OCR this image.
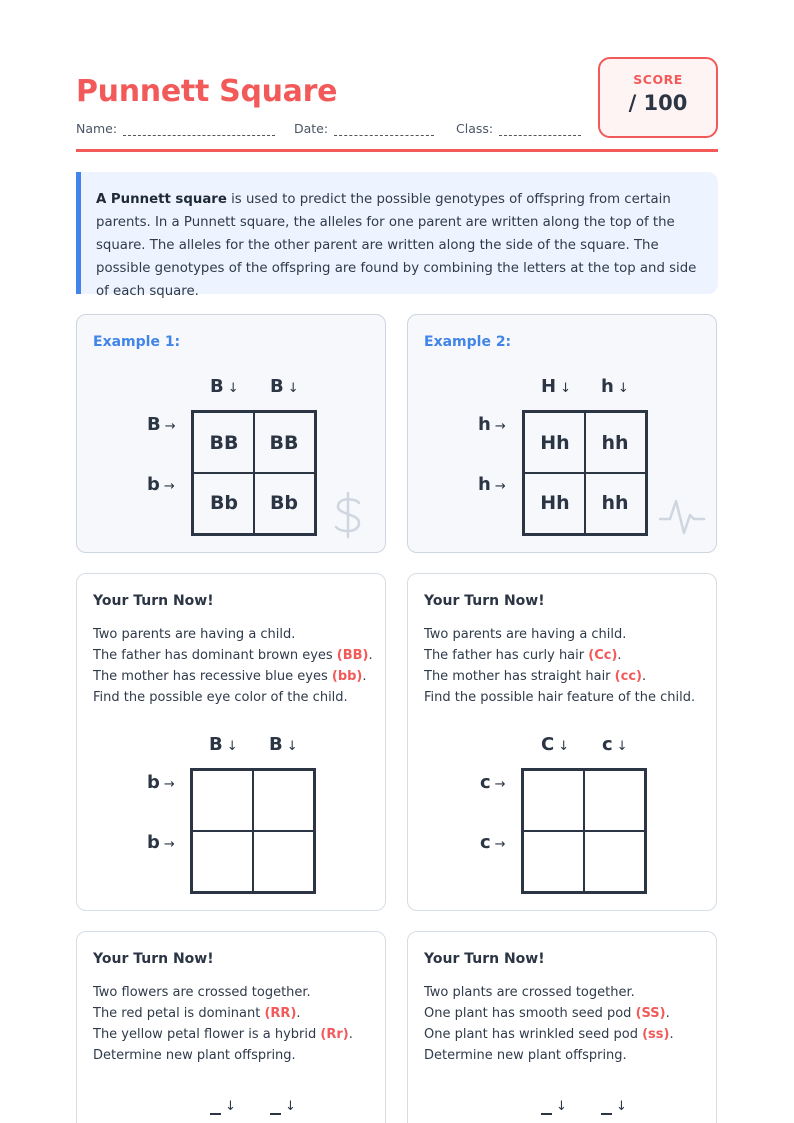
Punnett Square
Name:	Date:	Class:
SCORE
/ 100
A Punnett square is used to predict the possible genotypes of offspring from certain parents. In a Punnett square, the alleles for one parent are written along the top of the square. The alleles for the other parent are written along the side of the square. The possible genotypes of the offspring are found by combining the letters at the top and side of each square.
Example 1:
B ↓ B ↓
B →
b →
BB	BB
Bb	Bb
Example 2:
H ↓ h ↓
h →
h →
Hh	hh
Hh	hh
Your Turn Now!
Two parents are having a child.
The father has dominant brown eyes (BB).
The mother has recessive blue eyes (bb).
Find the possible eye color of the child.
B ↓ B ↓
b →
b →
Your Turn Now!
Two parents are having a child.
The father has curly hair (Cc).
The mother has straight hair (cc).
Find the possible hair feature of the child.
C ↓ c ↓
c →
c →
Your Turn Now!
Two flowers are crossed together.
The red petal is dominant (RR).
The yellow petal flower is a hybrid (Rr).
Determine new plant offspring.
↓	↓
Your Turn Now!
Two plants are crossed together.
One plant has smooth seed pod (SS).
One plant has wrinkled seed pod (ss).
Determine new plant offspring.
↓	↓
